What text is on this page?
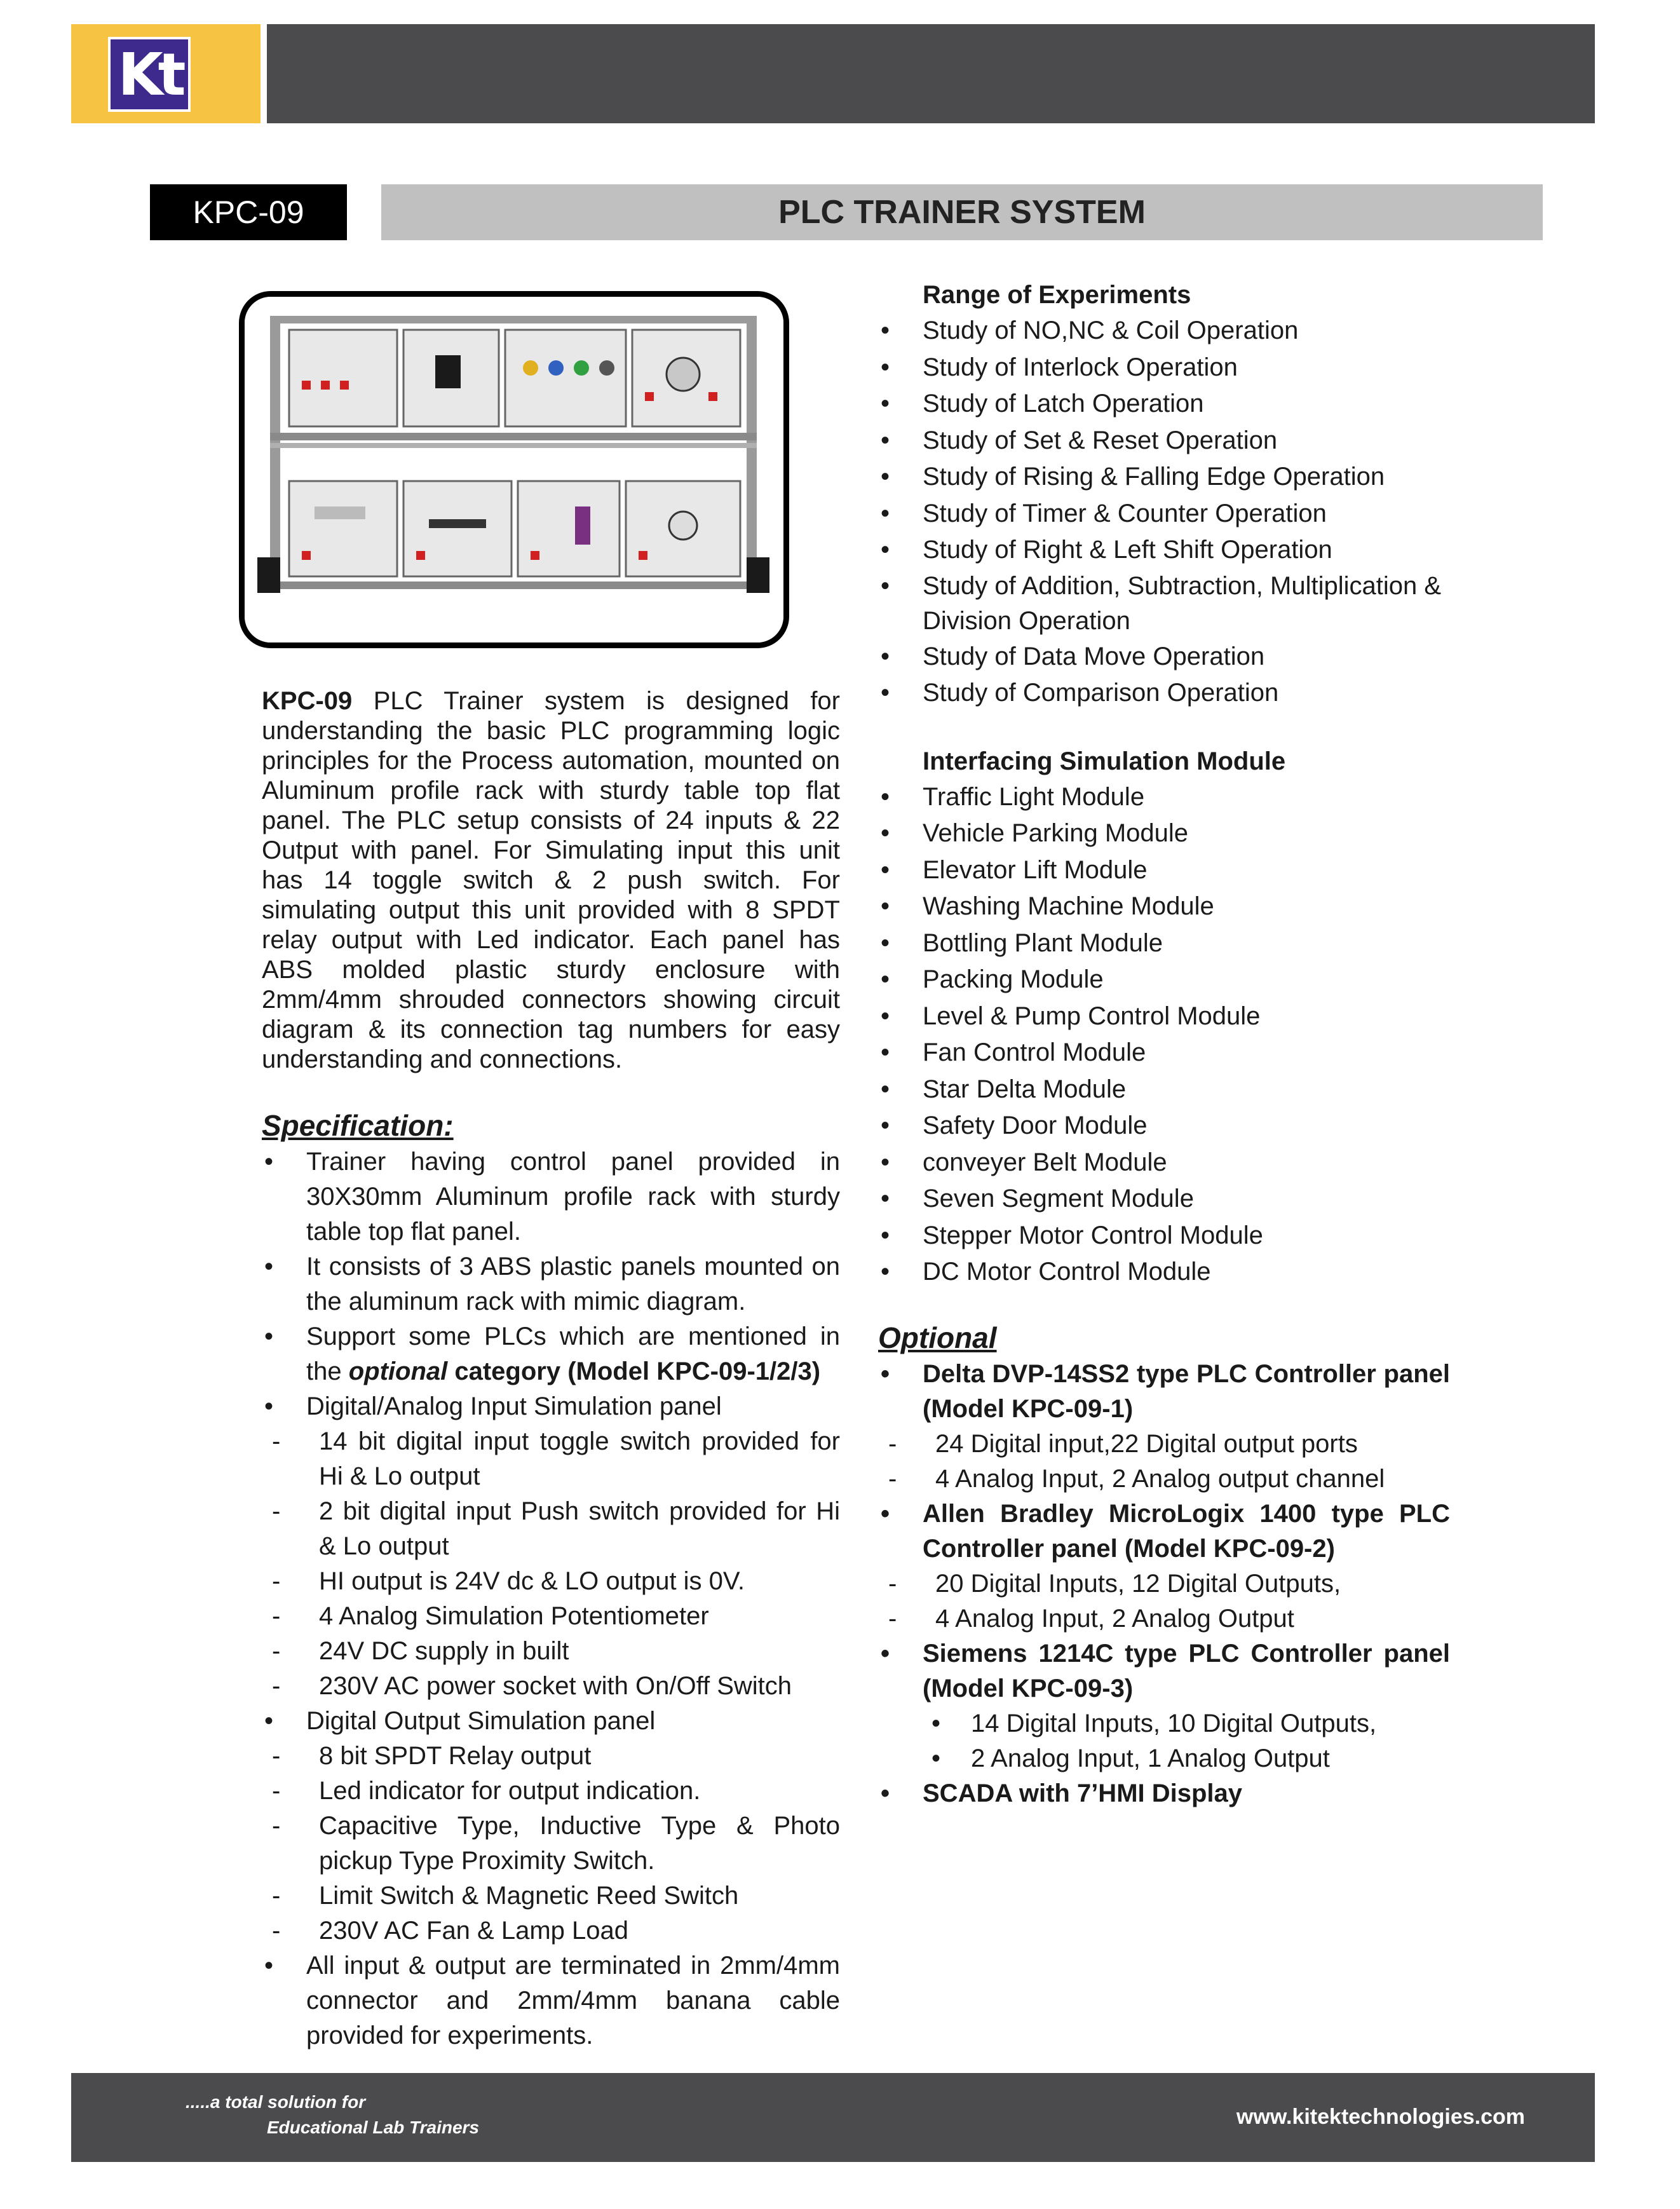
Kt
KPC-09	PLC TRAINER SYSTEM

KPC-09 PLC Trainer system is designed for understanding the basic PLC programming logic principles for the Process automation, mounted on Aluminum profile rack with sturdy table top flat panel. The PLC setup consists of 24 inputs & 22 Output with panel. For Simulating input this unit has 14 toggle switch & 2 push switch. For simulating output this unit provided with 8 SPDT relay output with Led indicator. Each panel has ABS molded plastic sturdy enclosure with 2mm/4mm shrouded connectors showing circuit diagram & its connection tag numbers for easy understanding and connections.

Specification:

• Trainer having control panel provided in 30X30mm Aluminum profile rack with sturdy table top flat panel.
• It consists of 3 ABS plastic panels mounted on the aluminum rack with mimic diagram.
• Support some PLCs which are mentioned in the optional category (Model KPC-09-1/2/3)
• Digital/Analog Input Simulation panel
- 14 bit digital input toggle switch provided for Hi & Lo output
- 2 bit digital input Push switch provided for Hi & Lo output
- HI output is 24V dc & LO output is 0V.
- 4 Analog Simulation Potentiometer
- 24V DC supply in built
- 230V AC power socket with On/Off Switch
• Digital Output Simulation panel
- 8 bit SPDT Relay output
- Led indicator for output indication.
- Capacitive Type, Inductive Type & Photo pickup Type Proximity Switch.
- Limit Switch & Magnetic Reed Switch
- 230V AC Fan & Lamp Load
• All input & output are terminated in 2mm/4mm connector and 2mm/4mm banana cable provided for experiments.

Range of Experiments

• Study of NO,NC & Coil Operation
• Study of Interlock Operation
• Study of Latch Operation
• Study of Set & Reset Operation
• Study of Rising & Falling Edge Operation
• Study of Timer & Counter Operation
• Study of Right & Left Shift Operation
• Study of Addition, Subtraction, Multiplication & Division Operation
• Study of Data Move Operation
• Study of Comparison Operation

Interfacing Simulation Module

• Traffic Light Module
• Vehicle Parking Module
• Elevator Lift Module
• Washing Machine Module
• Bottling Plant Module
• Packing Module
• Level & Pump Control Module
• Fan Control Module
• Star Delta Module
• Safety Door Module
• conveyer Belt Module
• Seven Segment Module
• Stepper Motor Control Module
• DC Motor Control Module

Optional

• Delta DVP-14SS2 type PLC Controller panel (Model KPC-09-1)
- 24 Digital input,22 Digital output ports
- 4 Analog Input, 2 Analog output channel
• Allen Bradley MicroLogix 1400 type PLC Controller panel (Model KPC-09-2)
- 20 Digital Inputs, 12 Digital Outputs,
- 4 Analog Input, 2 Analog Output
• Siemens 1214C type PLC Controller panel (Model KPC-09-3)
• 14 Digital Inputs, 10 Digital Outputs,
• 2 Analog Input, 1 Analog Output
• SCADA with 7’HMI Display
.....a total solution for
Educational Lab Trainers	www.kitektechnologies.com
